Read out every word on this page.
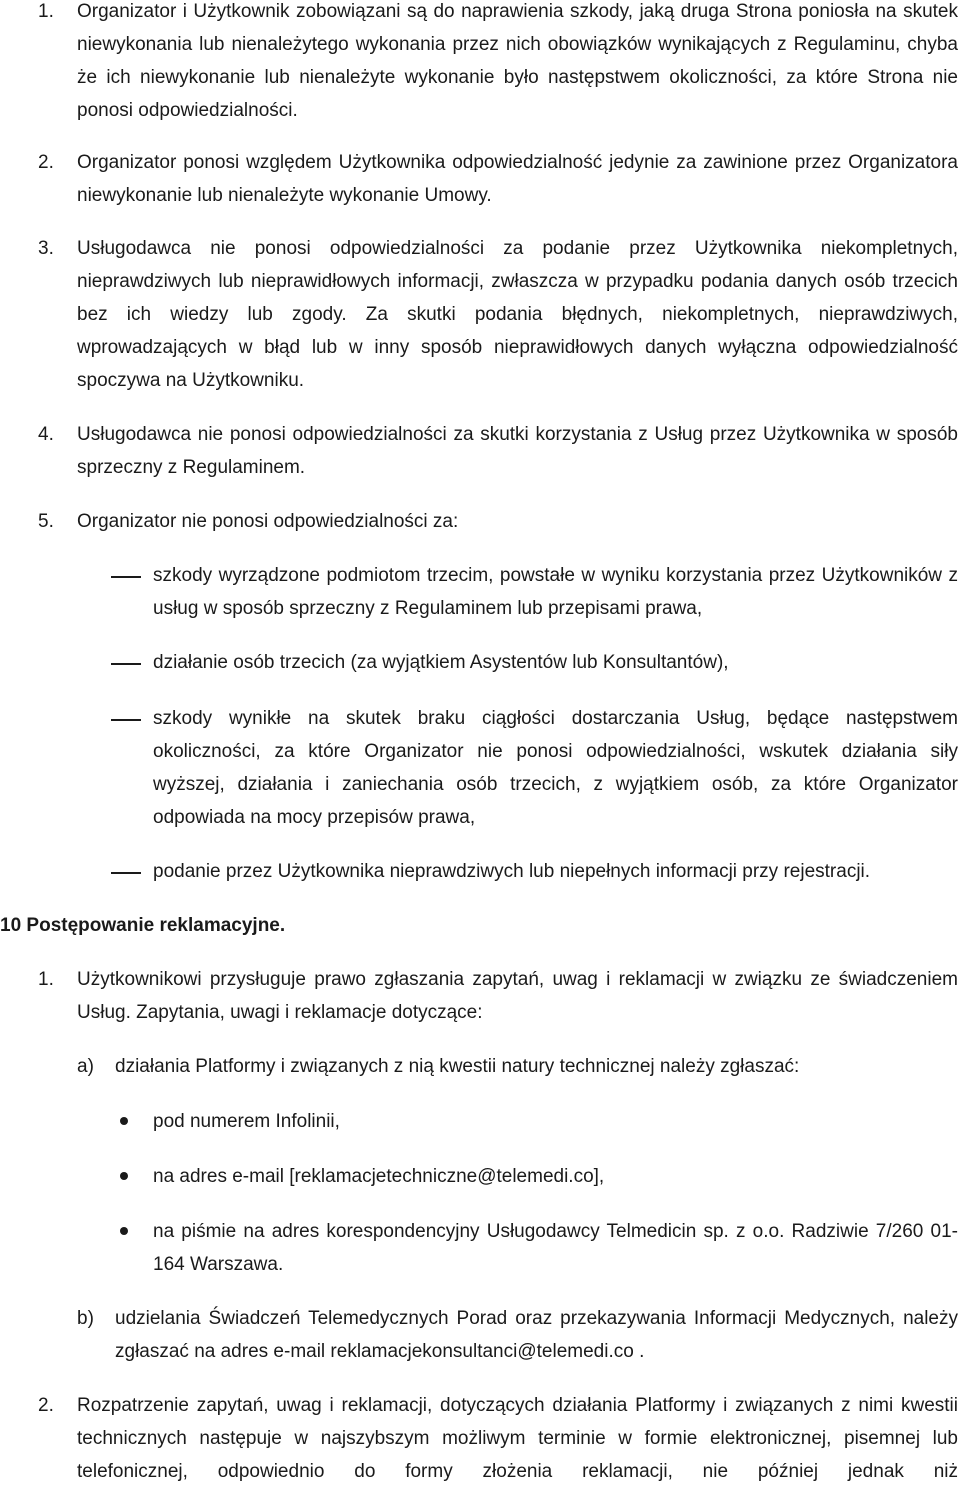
1. Organizator i Użytkownik zobowiązani są do naprawienia szkody, jaką druga Strona poniosła na skutek niewykonania lub nienależytego wykonania przez nich obowiązków wynikających z Regulaminu, chyba że ich niewykonanie lub nienależyte wykonanie było następstwem okoliczności, za które Strona nie ponosi odpowiedzialności.
2. Organizator ponosi względem Użytkownika odpowiedzialność jedynie za zawinione przez Organizatora niewykonanie lub nienależyte wykonanie Umowy.
3. Usługodawca nie ponosi odpowiedzialności za podanie przez Użytkownika niekompletnych, nieprawdziwych lub nieprawidłowych informacji, zwłaszcza w przypadku podania danych osób trzecich bez ich wiedzy lub zgody. Za skutki podania błędnych, niekompletnych, nieprawdziwych, wprowadzających w błąd lub w inny sposób nieprawidłowych danych wyłączna odpowiedzialność spoczywa na Użytkowniku.
4. Usługodawca nie ponosi odpowiedzialności za skutki korzystania z Usług przez Użytkownika w sposób sprzeczny z Regulaminem.
5. Organizator nie ponosi odpowiedzialności za:
szkody wyrządzone podmiotom trzecim, powstałe w wyniku korzystania przez Użytkowników z usług w sposób sprzeczny z Regulaminem lub przepisami prawa,
działanie osób trzecich (za wyjątkiem Asystentów lub Konsultantów),
szkody wynikłe na skutek braku ciągłości dostarczania Usług, będące następstwem okoliczności, za które Organizator nie ponosi odpowiedzialności, wskutek działania siły wyższej, działania i zaniechania osób trzecich, z wyjątkiem osób, za które Organizator odpowiada na mocy przepisów prawa,
podanie przez Użytkownika nieprawdziwych lub niepełnych informacji przy rejestracji.
10 Postępowanie reklamacyjne.
1. Użytkownikowi przysługuje prawo zgłaszania zapytań, uwag i reklamacji w związku ze świadczeniem Usług. Zapytania, uwagi i reklamacje dotyczące:
a) działania Platformy i związanych z nią kwestii natury technicznej należy zgłaszać:
pod numerem Infolinii,
na adres e-mail [reklamacjetechniczne@telemedi.co],
na piśmie na adres korespondencyjny Usługodawcy Telmedicin sp. z o.o. Radziwie 7/260 01-164 Warszawa.
b) udzielania Świadczeń Telemedycznych Porad oraz przekazywania Informacji Medycznych, należy zgłaszać na adres e-mail reklamacjekonsultanci@telemedi.co .
2. Rozpatrzenie zapytań, uwag i reklamacji, dotyczących działania Platformy i związanych z nimi kwestii technicznych następuje w najszybszym możliwym terminie w formie elektronicznej, pisemnej lub telefonicznej, odpowiednio do formy złożenia reklamacji, nie później jednak niż
